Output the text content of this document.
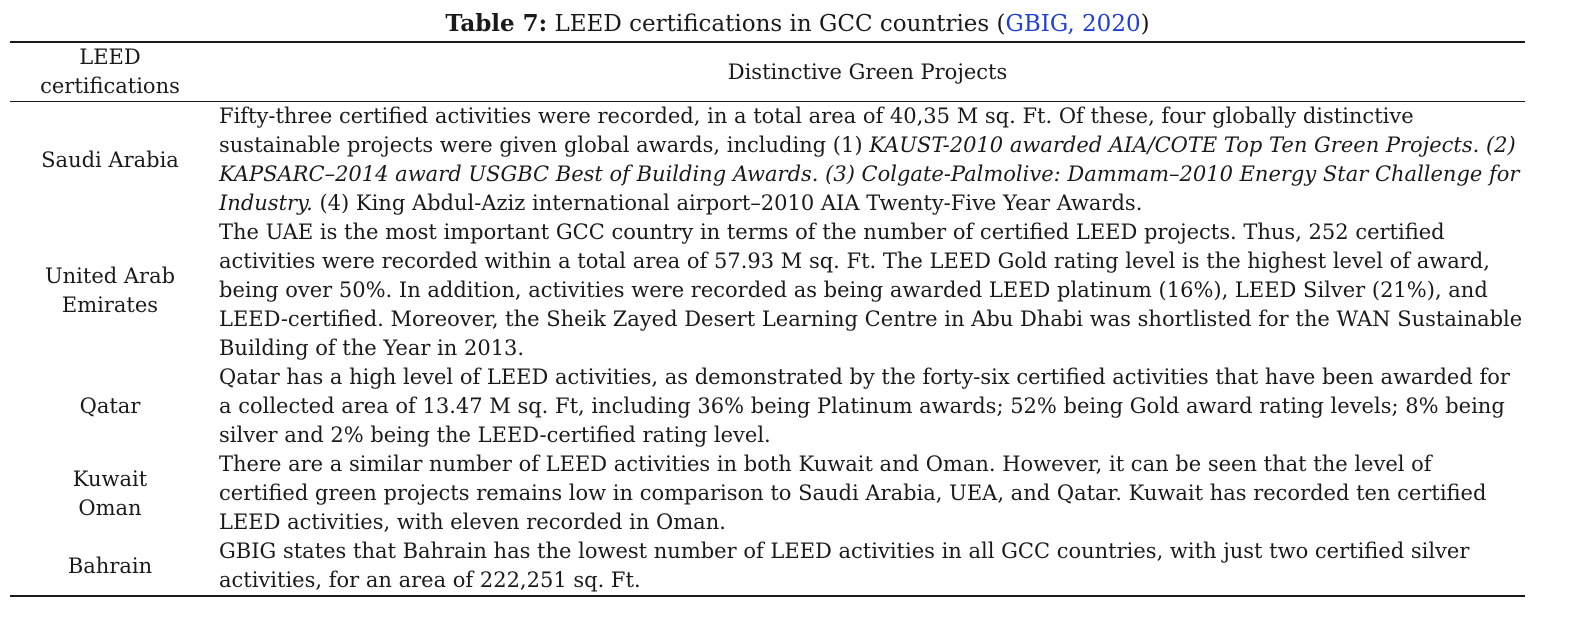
Table 7: LEED certifications in GCC countries (GBIG, 2020)
LEED
certifications	Distinctive Green Projects
Saudi Arabia	Fifty-three certified activities were recorded, in a total area of 40,35 M sq. Ft. Of these, four globally distinctive sustainable projects were given global awards, including (1) KAUST-2010 awarded AIA/COTE Top Ten Green Projects. (2) KAPSARC–2014 award USGBC Best of Building Awards. (3) Colgate-Palmolive: Dammam–2010 Energy Star Challenge for Industry. (4) King Abdul-Aziz international airport–2010 AIA Twenty-Five Year Awards.
United Arab
Emirates	The UAE is the most important GCC country in terms of the number of certified LEED projects. Thus, 252 certified activities were recorded within a total area of 57.93 M sq. Ft. The LEED Gold rating level is the highest level of award, being over 50%. In addition, activities were recorded as being awarded LEED platinum (16%), LEED Silver (21%), and LEED-certified. Moreover, the Sheik Zayed Desert Learning Centre in Abu Dhabi was shortlisted for the WAN Sustainable Building of the Year in 2013.
Qatar	Qatar has a high level of LEED activities, as demonstrated by the forty-six certified activities that have been awarded for a collected area of 13.47 M sq. Ft, including 36% being Platinum awards; 52% being Gold award rating levels; 8% being silver and 2% being the LEED-certified rating level.
Kuwait
Oman	There are a similar number of LEED activities in both Kuwait and Oman. However, it can be seen that the level of certified green projects remains low in comparison to Saudi Arabia, UEA, and Qatar. Kuwait has recorded ten certified LEED activities, with eleven recorded in Oman.
Bahrain	GBIG states that Bahrain has the lowest number of LEED activities in all GCC countries, with just two certified silver activities, for an area of 222,251 sq. Ft.
